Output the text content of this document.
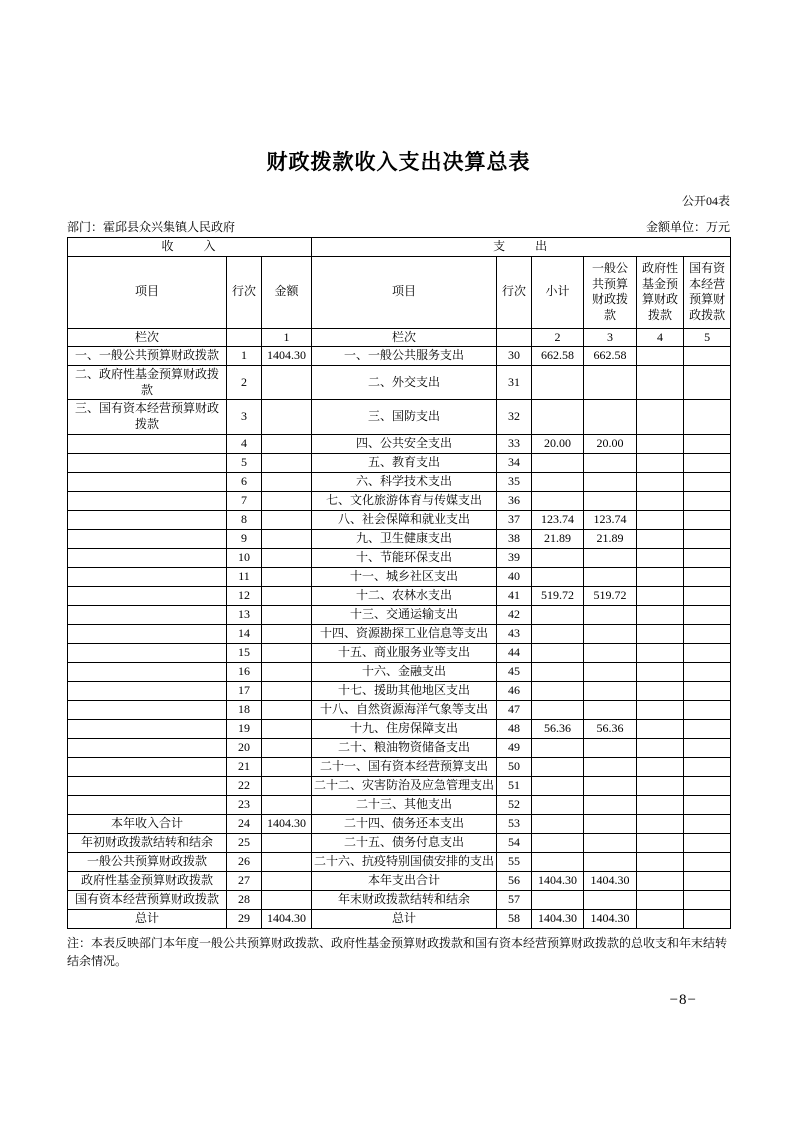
财政拨款收入支出决算总表
公开04表
部门：霍邱县众兴集镇人民政府	金额单位：万元
收　　入			支　　出					
项目	行次	金额	项目	行次	小计	一般公共预算财政拨款	政府性基金预算财政拨款	国有资本经营预算财政拨款
栏次		1	栏次		2	3	4	5
一、一般公共预算财政拨款	1	1404.30	一、一般公共服务支出	30	662.58	662.58		
二、政府性基金预算财政拨款	2		二、外交支出	31				
三、国有资本经营预算财政拨款	3		三、国防支出	32				
	4		四、公共安全支出	33	20.00	20.00		
	5		五、教育支出	34				
	6		六、科学技术支出	35				
	7		七、文化旅游体育与传媒支出	36				
	8		八、社会保障和就业支出	37	123.74	123.74		
	9		九、卫生健康支出	38	21.89	21.89		
	10		十、节能环保支出	39				
	11		十一、城乡社区支出	40				
	12		十二、农林水支出	41	519.72	519.72		
	13		十三、交通运输支出	42				
	14		十四、资源勘探工业信息等支出	43				
	15		十五、商业服务业等支出	44				
	16		十六、金融支出	45				
	17		十七、援助其他地区支出	46				
	18		十八、自然资源海洋气象等支出	47				
	19		十九、住房保障支出	48	56.36	56.36		
	20		二十、粮油物资储备支出	49				
	21		二十一、国有资本经营预算支出	50				
	22		二十二、灾害防治及应急管理支出	51				
	23		二十三、其他支出	52				
本年收入合计	24	1404.30	二十四、债务还本支出	53				
年初财政拨款结转和结余	25		二十五、债务付息支出	54				
一般公共预算财政拨款	26		二十六、抗疫特别国债安排的支出	55				
政府性基金预算财政拨款	27		本年支出合计	56	1404.30	1404.30		
国有资本经营预算财政拨款	28		年末财政拨款结转和结余	57				
总计	29	1404.30	总计	58	1404.30	1404.30		
注：本表反映部门本年度一般公共预算财政拨款、政府性基金预算财政拨款和国有资本经营预算财政拨款的总收支和年末结转结余情况。
−8−
